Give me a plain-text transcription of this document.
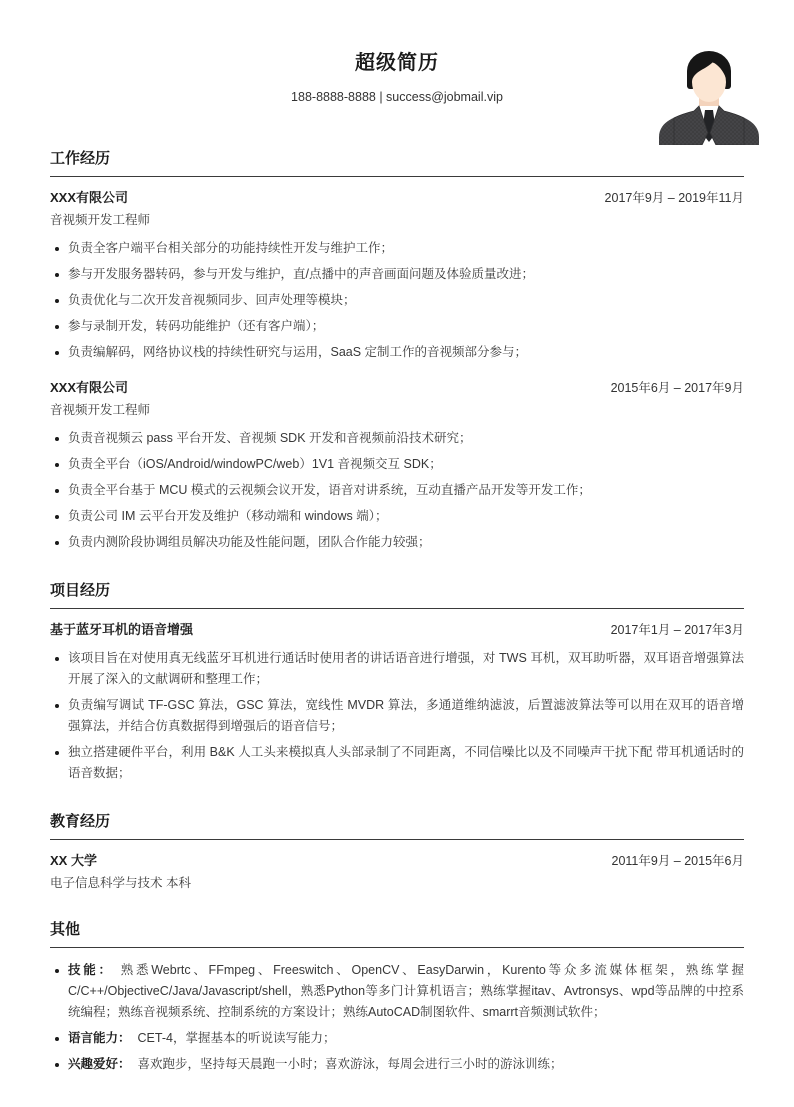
超级简历
188-8888-8888 | success@jobmail.vip
工作经历
XXX有限公司	2017年9月 – 2019年11月
音视频开发工程师
负责全客户端平台相关部分的功能持续性开发与维护工作；
参与开发服务器转码，参与开发与维护，直/点播中的声音画面问题及体验质量改进；
负责优化与二次开发音视频同步、回声处理等模块；
参与录制开发，转码功能维护（还有客户端）；
负责编解码，网络协议栈的持续性研究与运用，SaaS 定制工作的音视频部分参与；
XXX有限公司	2015年6月 – 2017年9月
音视频开发工程师
负责音视频云 pass 平台开发、音视频 SDK 开发和音视频前沿技术研究；
负责全平台（iOS/Android/windowPC/web）1V1 音视频交互 SDK；
负责全平台基于 MCU 模式的云视频会议开发，语音对讲系统，互动直播产品开发等开发工作；
负责公司 IM 云平台开发及维护（移动端和 windows 端）；
负责内测阶段协调组员解决功能及性能问题，团队合作能力较强；
项目经历
基于蓝牙耳机的语音增强	2017年1月 – 2017年3月
该项目旨在对使用真无线蓝牙耳机进行通话时使用者的讲话语音进行增强，对 TWS 耳机，双耳助听器，双耳语音增强算法开展了深入的文献调研和整理工作；
负责编写调试 TF-GSC 算法，GSC 算法，宽线性 MVDR 算法，多通道维纳滤波，后置滤波算法等可以用在双耳的语音增强算法，并结合仿真数据得到增强后的语音信号；
独立搭建硬件平台，利用 B&K 人工头来模拟真人头部录制了不同距离，不同信噪比以及不同噪声干扰下配 带耳机通话时的语音数据；
教育经历
XX 大学	2011年9月 – 2015年6月
电子信息科学与技术 本科
其他
技能： 熟悉Webrtc、FFmpeg、Freeswitch、OpenCV、EasyDarwin，Kurento等众多流媒体框架，熟练掌握 C/C++/ObjectiveC/Java/Javascript/shell，熟悉Python等多门计算机语言；熟练掌握itav、Avtronsys、wpd等品牌的中控系统编程；熟练音视频系统、控制系统的方案设计；熟练AutoCAD制图软件、smarrt音频测试软件；
语言能力： CET-4，掌握基本的听说读写能力；
兴趣爱好： 喜欢跑步，坚持每天晨跑一小时；喜欢游泳，每周会进行三小时的游泳训练；
